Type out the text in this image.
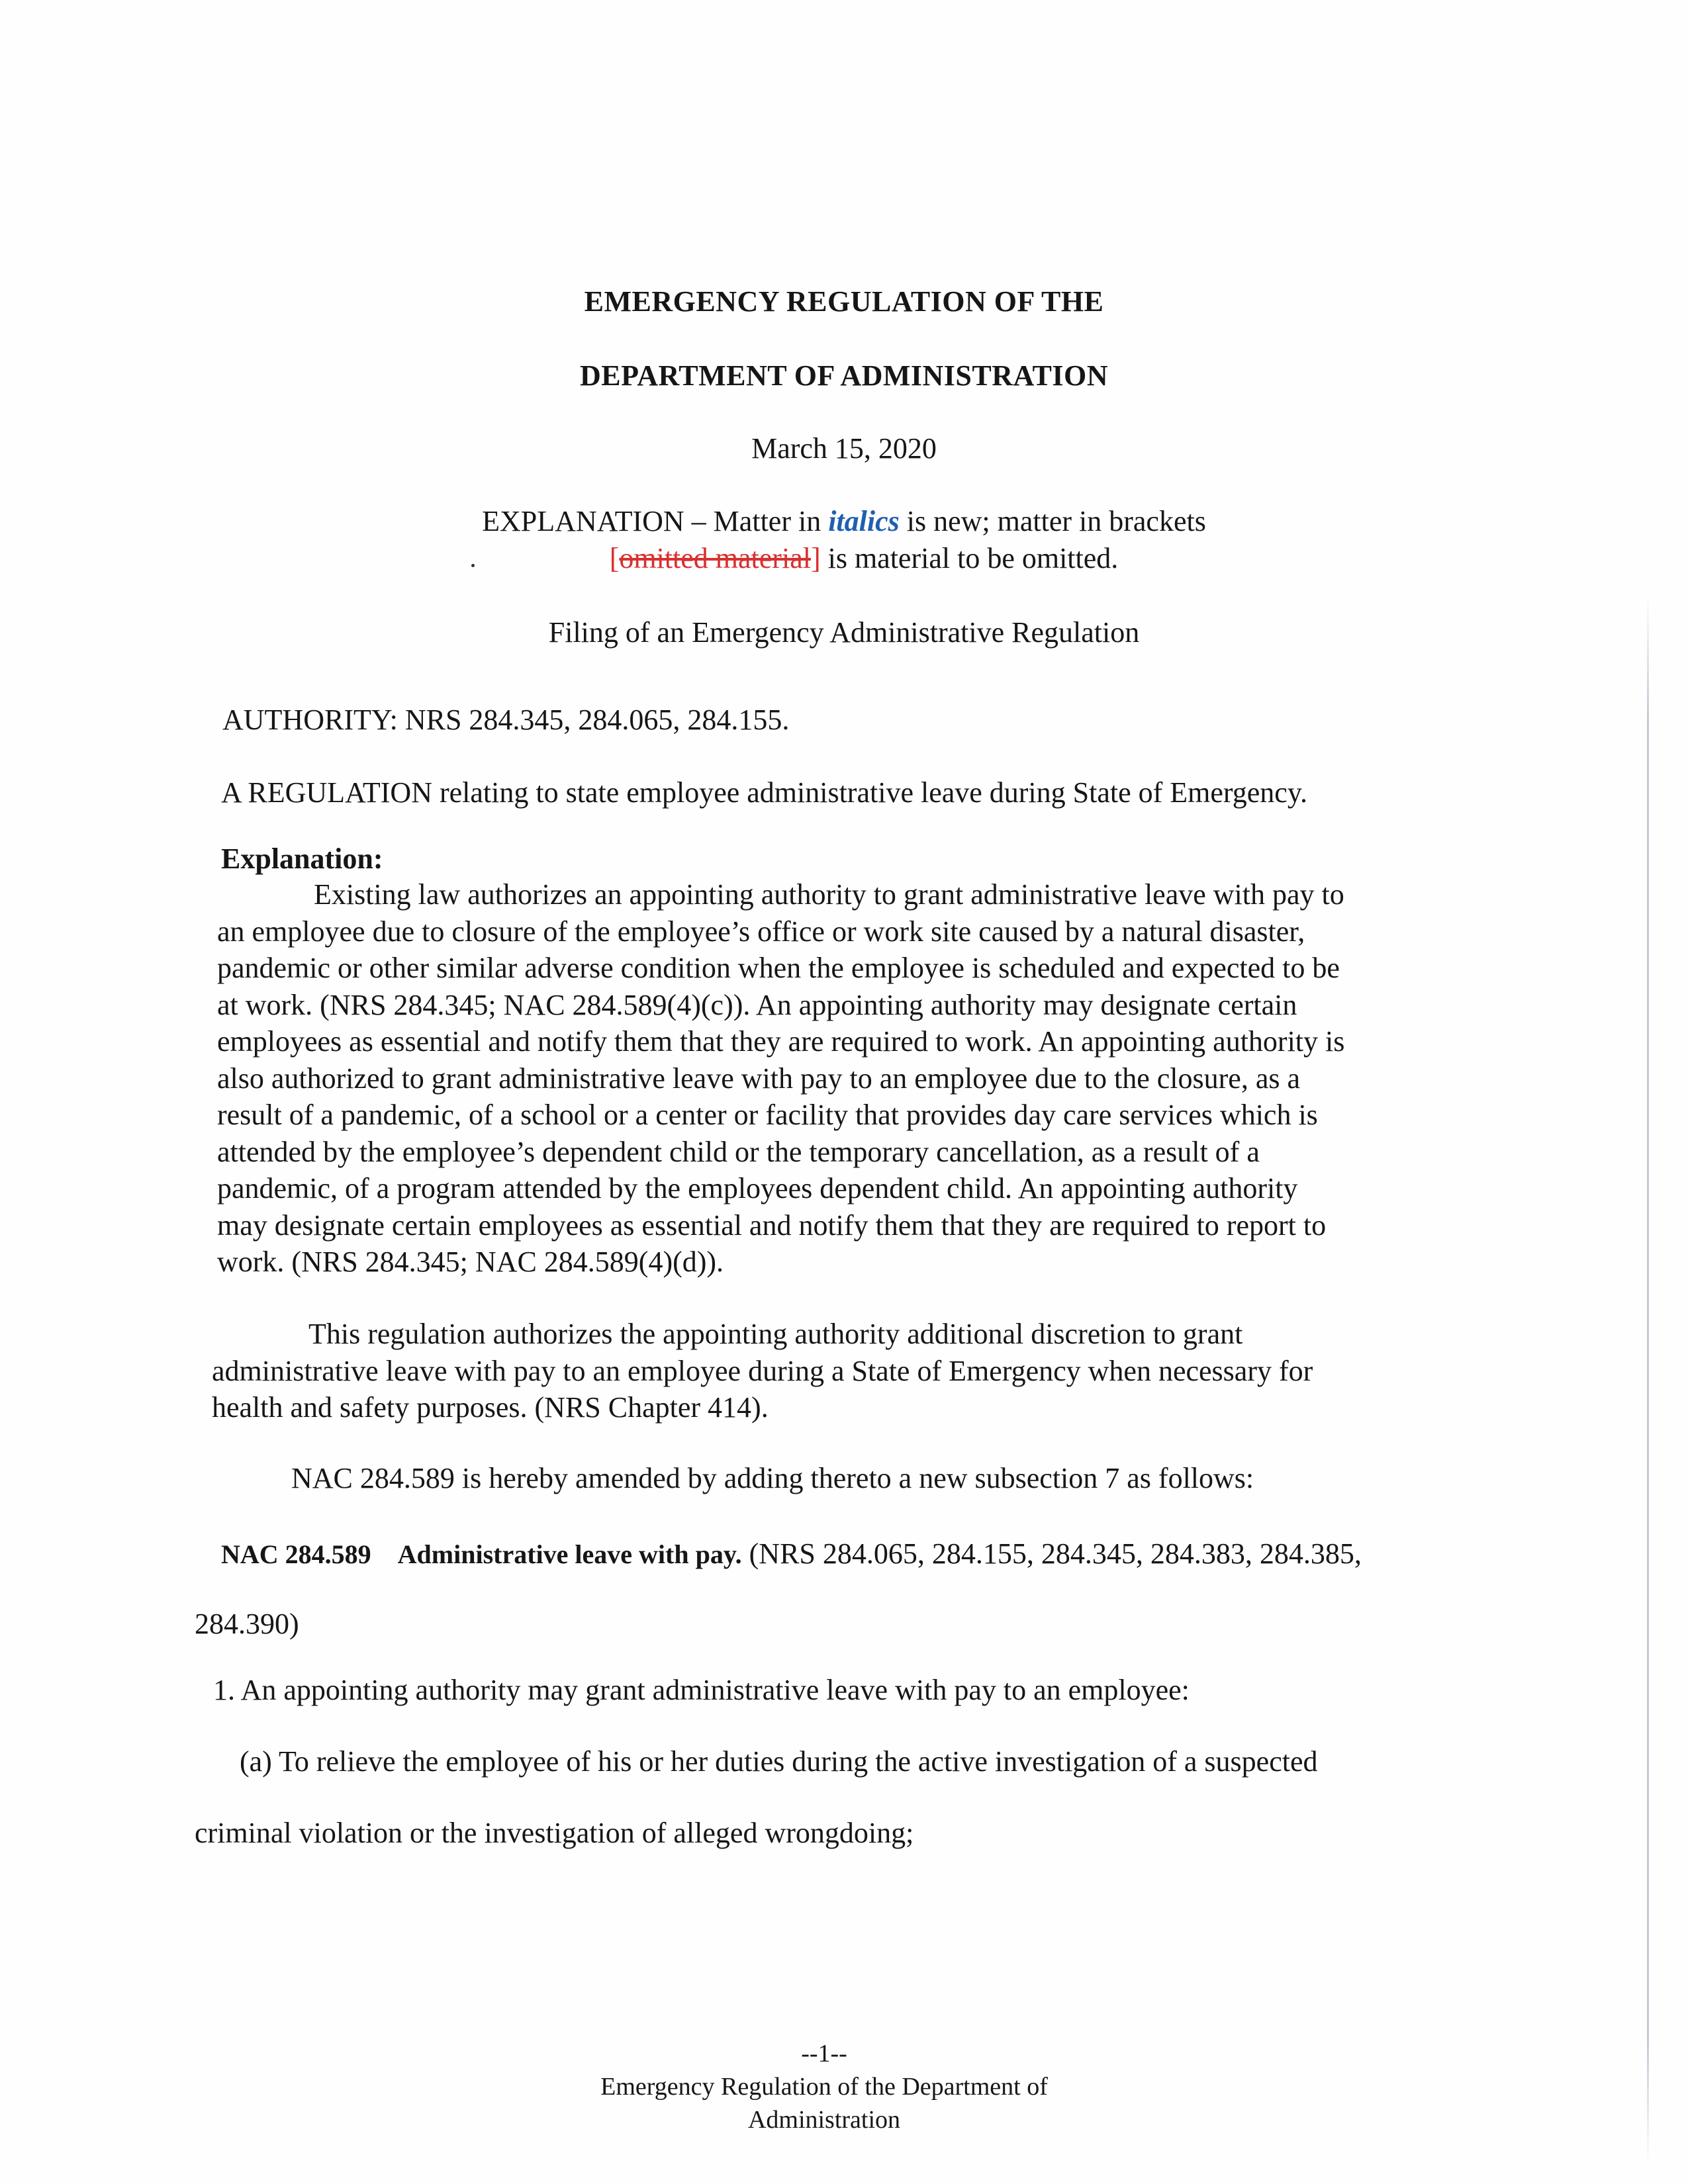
EMERGENCY REGULATION OF THE
DEPARTMENT OF ADMINISTRATION
March 15, 2020
EXPLANATION – Matter in italics is new; matter in brackets
[omitted material] is material to be omitted.
Filing of an Emergency Administrative Regulation
AUTHORITY: NRS 284.345, 284.065, 284.155.
A REGULATION relating to state employee administrative leave during State of Emergency.
Explanation:
Existing law authorizes an appointing authority to grant administrative leave with pay to
an employee due to closure of the employee’s office or work site caused by a natural disaster,
pandemic or other similar adverse condition when the employee is scheduled and expected to be
at work. (NRS 284.345; NAC 284.589(4)(c)). An appointing authority may designate certain
employees as essential and notify them that they are required to work. An appointing authority is
also authorized to grant administrative leave with pay to an employee due to the closure, as a
result of a pandemic, of a school or a center or facility that provides day care services which is
attended by the employee’s dependent child or the temporary cancellation, as a result of a
pandemic, of a program attended by the employees dependent child. An appointing authority
may designate certain employees as essential and notify them that they are required to report to
work. (NRS 284.345; NAC 284.589(4)(d)).
This regulation authorizes the appointing authority additional discretion to grant
administrative leave with pay to an employee during a State of Emergency when necessary for
health and safety purposes. (NRS Chapter 414).
NAC 284.589 is hereby amended by adding thereto a new subsection 7 as follows:
NAC 284.589 Administrative leave with pay. (NRS 284.065, 284.155, 284.345, 284.383, 284.385,
284.390)
1. An appointing authority may grant administrative leave with pay to an employee:
(a) To relieve the employee of his or her duties during the active investigation of a suspected
criminal violation or the investigation of alleged wrongdoing;
--1--
Emergency Regulation of the Department of
Administration
